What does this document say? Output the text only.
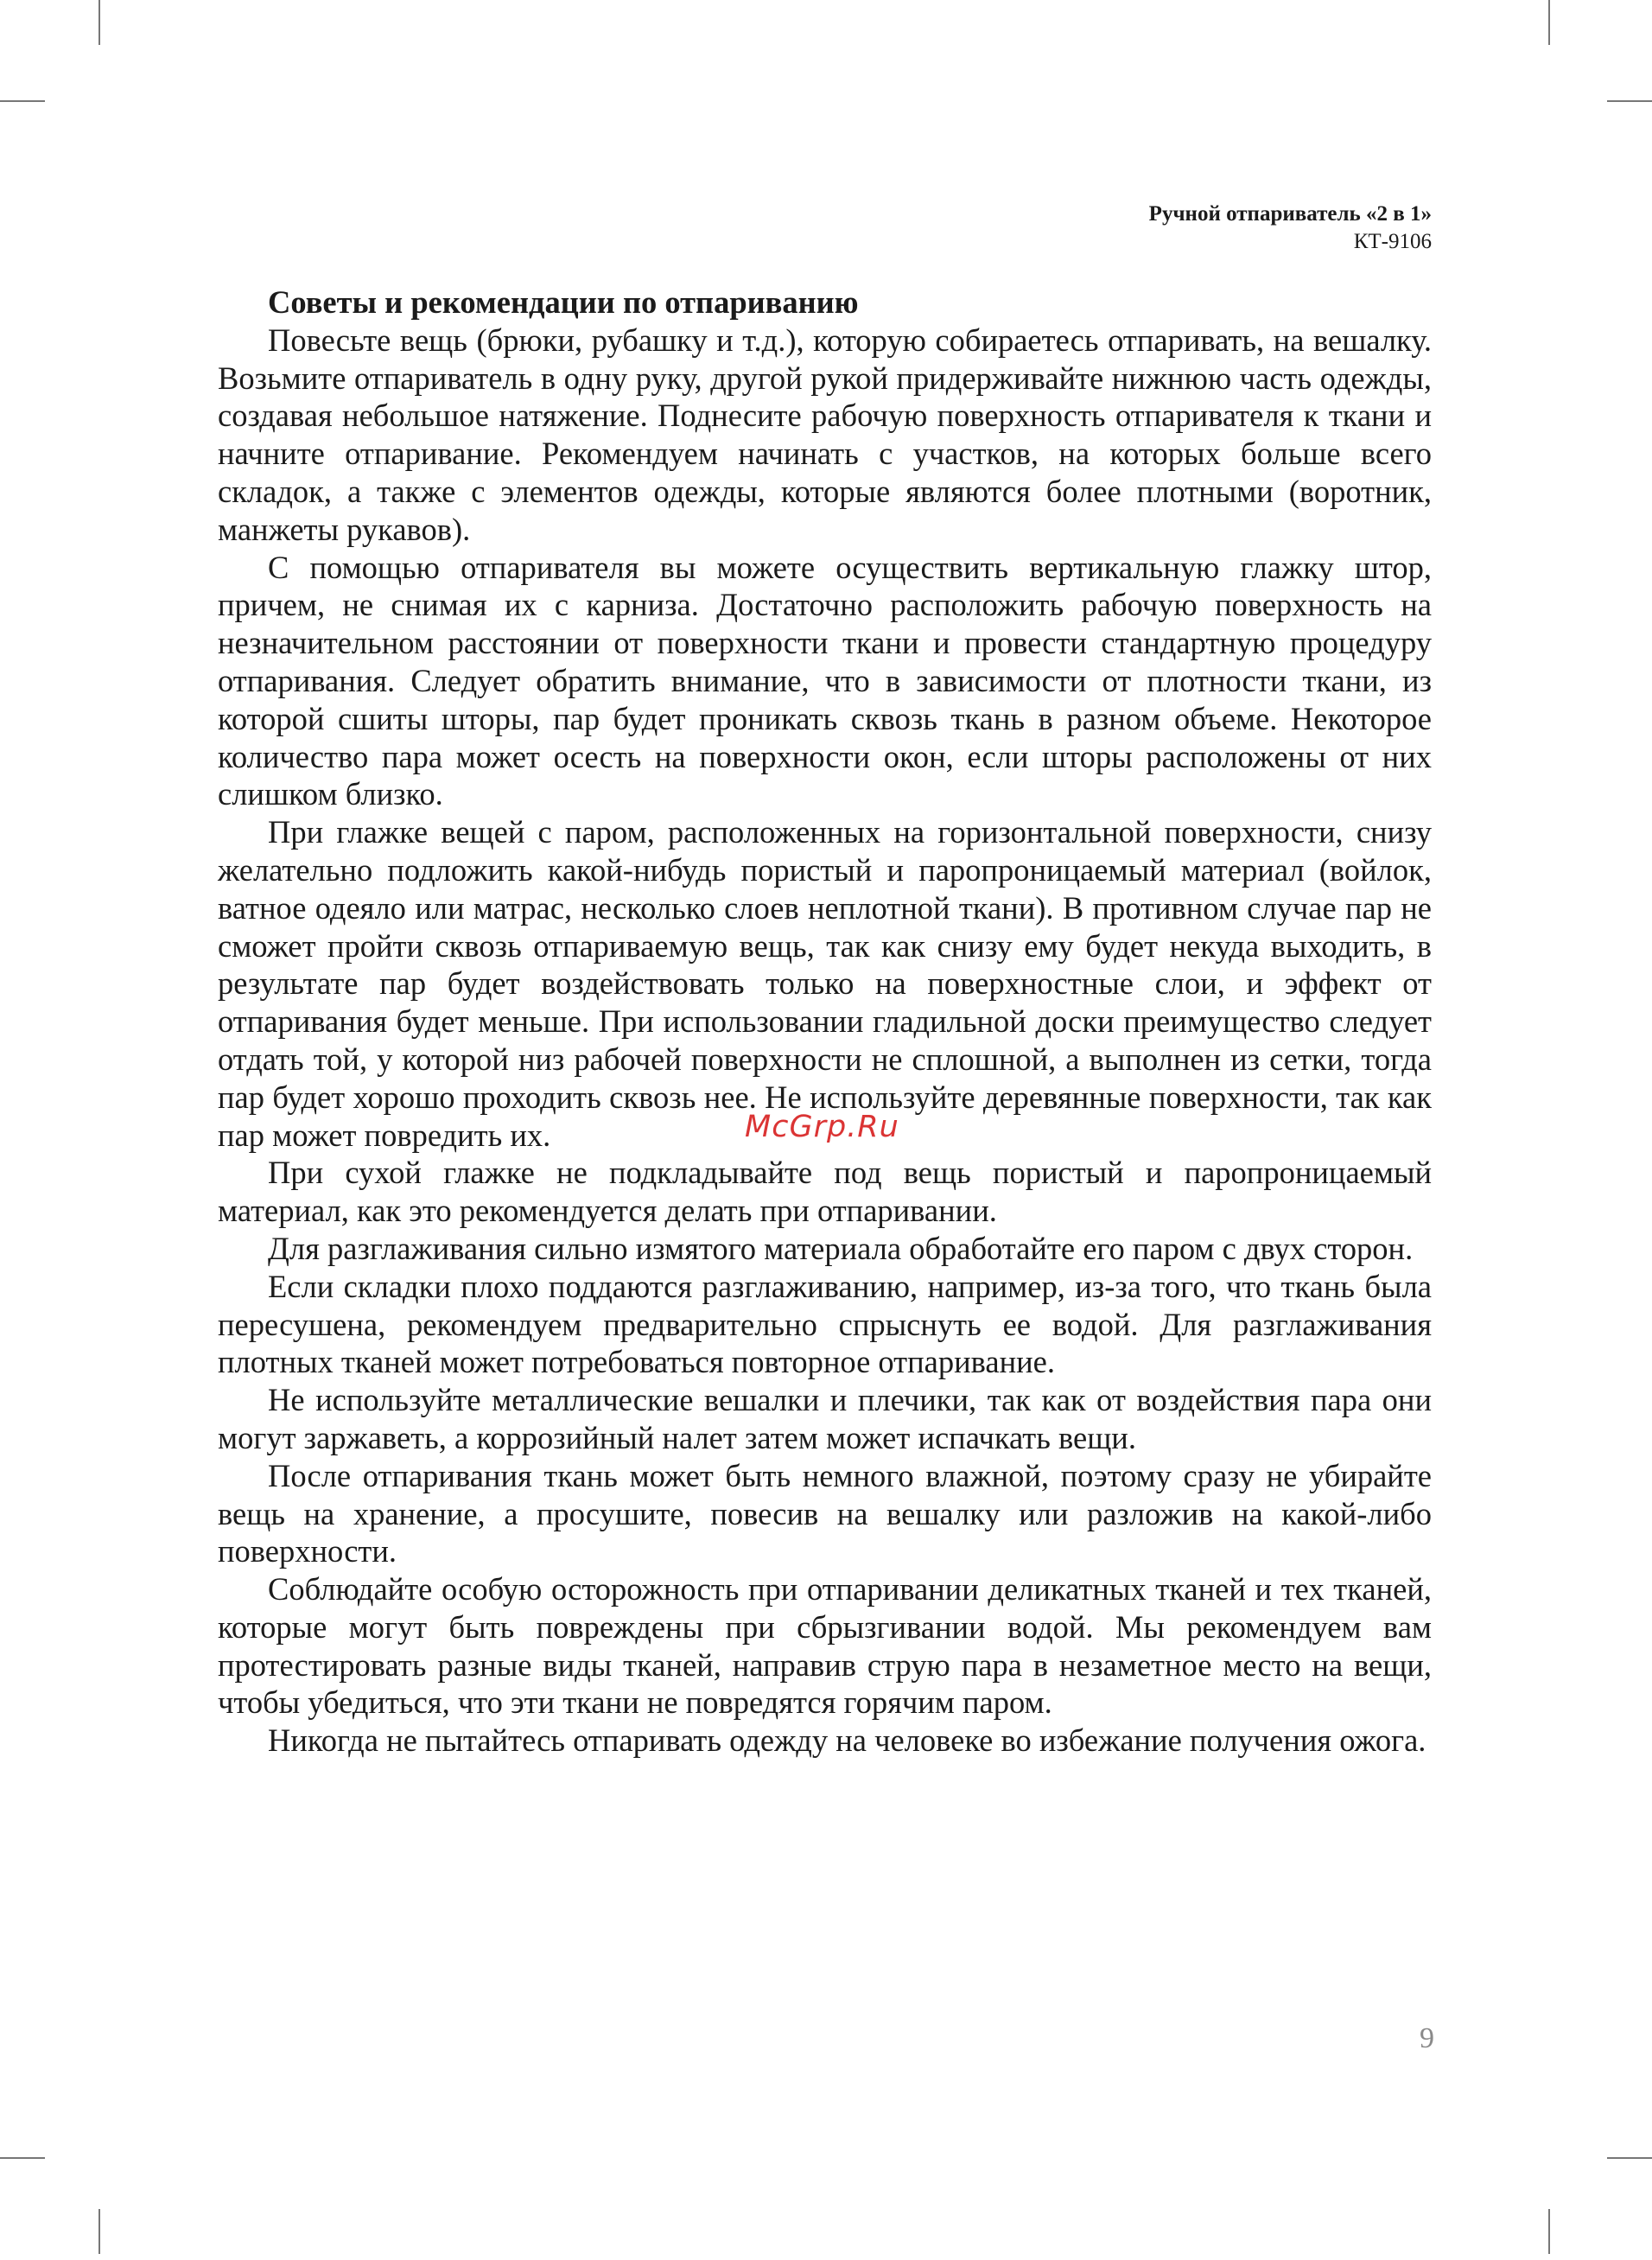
Ручной отпариватель «2 в 1»
КТ-9106
Советы и рекомендации по отпариванию

Повесьте вещь (брюки, рубашку и т.д.), которую собираетесь отпаривать, на вешалку. Возьмите отпариватель в одну руку, другой рукой придерживайте нижнюю часть одежды, создавая небольшое натяжение. Поднесите рабочую поверхность отпаривателя к ткани и начните отпаривание. Рекомендуем начинать с участков, на которых больше всего складок, а также с элементов одежды, которые являются более плотными (воротник, манжеты рукавов).

С помощью отпаривателя вы можете осуществить вертикальную глажку штор, причем, не снимая их с карниза. Достаточно расположить рабочую поверхность на незначительном расстоянии от поверхности ткани и провести стандартную процедуру отпаривания. Следует обратить внимание, что в зависимости от плотности ткани, из которой сшиты шторы, пар будет проникать сквозь ткань в разном объеме. Некоторое количество пара может осесть на поверхности окон, если шторы расположены от них слишком близко.

При глажке вещей с паром, расположенных на горизонтальной поверхности, снизу желательно подложить какой-нибудь пористый и паропроницаемый материал (войлок, ватное одеяло или матрас, несколько слоев неплотной ткани). В противном случае пар не сможет пройти сквозь отпариваемую вещь, так как снизу ему будет некуда выходить, в результате пар будет воздействовать только на поверхностные слои, и эффект от отпаривания будет меньше. При использовании гладильной доски преимущество следует отдать той, у которой низ рабочей поверхности не сплошной, а выполнен из сетки, тогда пар будет хорошо проходить сквозь нее. Не используйте деревянные поверхности, так как пар может повредить их.

При сухой глажке не подкладывайте под вещь пористый и паропроницаемый материал, как это рекомендуется делать при отпаривании.

Для разглаживания сильно измятого материала обработайте его паром с двух сторон.

Если складки плохо поддаются разглаживанию, например, из-за того, что ткань была пересушена, рекомендуем предварительно спрыснуть ее водой. Для разглаживания плотных тканей может потребоваться повторное отпаривание.

Не используйте металлические вешалки и плечики, так как от воздействия пара они могут заржаветь, а коррозийный налет затем может испачкать вещи.

После отпаривания ткань может быть немного влажной, поэтому сразу не убирайте вещь на хранение, а просушите, повесив на вешалку или разложив на какой-либо поверхности.

Соблюдайте особую осторожность при отпаривании деликатных тканей и тех тканей, которые могут быть повреждены при сбрызгивании водой. Мы рекомендуем вам протестировать разные виды тканей, направив струю пара в незаметное место на вещи, чтобы убедиться, что эти ткани не повредятся горячим паром.

Никогда не пытайтесь отпаривать одежду на человеке во избежание получения ожога.

McGrp.Ru
9
